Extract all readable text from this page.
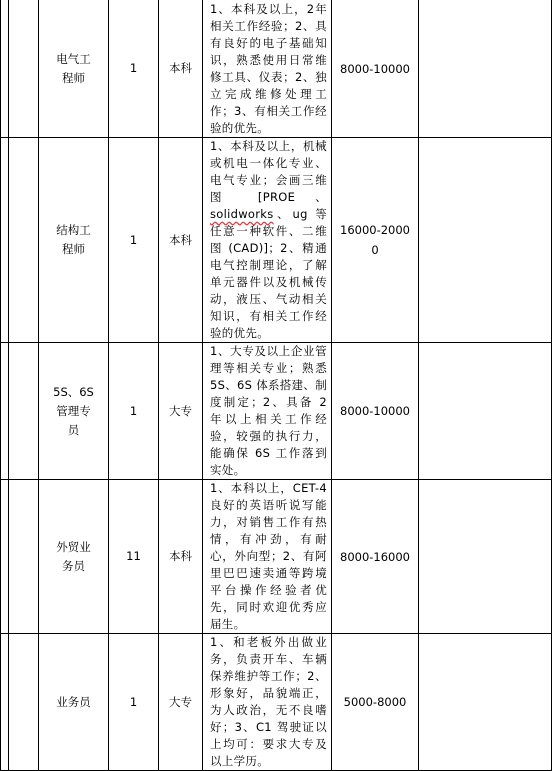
		电气工程师	1	本科	1、本科及以上，2年相关工作经验；2、具有良好的电子基础知识，熟悉使用日常维修工具、仪表；2、独立完成维修处理工作；3、有相关工作经验的优先。	8000-10000	
		结构工程师	1	本科	1、本科及以上，机械或机电一体化专业、电气专业；会画三维图 [PROE 、solidworks、ug 等任意一种软件、二维图 (CAD)]；2、精通电气控制理论，了解单元器件以及机械传动，液压、气动相关知识，有相关工作经验的优先。	16000-20000	
		5S、6S管理专员	1	大专	1、大专及以上企业管理等相关专业；熟悉5S、6S 体系搭建、制度制定；2、具备 2 年以上相关工作经验，较强的执行力，能确保 6S 工作落到实处。	8000-10000	
		外贸业务员	11	本科	1、本科以上，CET-4良好的英语听说写能力，对销售工作有热情，有冲劲，有耐心，外向型；2、有阿里巴巴速卖通等跨境平台操作经验者优先，同时欢迎优秀应届生。	8000-16000	
		业务员	1	大专	1、和老板外出做业务，负责开车、车辆保养维护等工作；2、形象好，品貌端正，为人政治，无不良嗜好；3、C1 驾驶证以上均可：要求大专及以上学历。	5000-8000	
